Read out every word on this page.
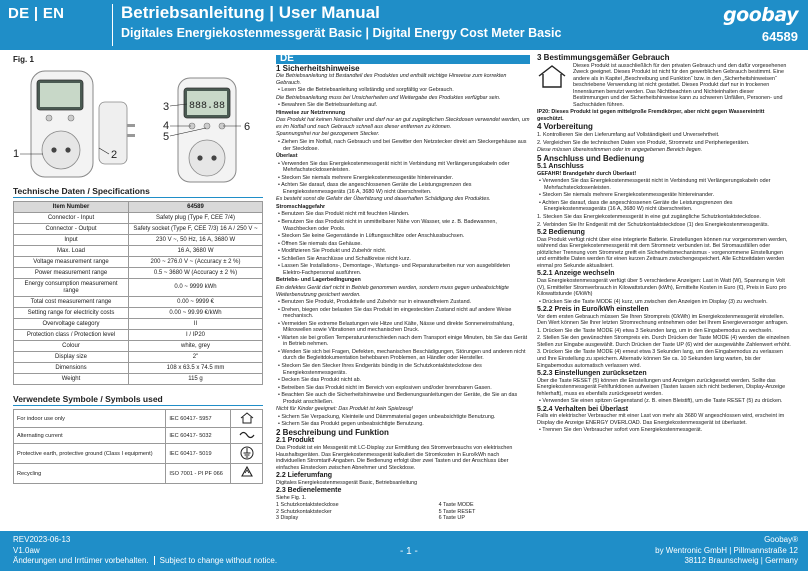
DE | EN	Betriebsanleitung | User Manual
Digitales Energiekostenmessgerät Basic | Digital Energy Cost Meter Basic
goobay
64589
Fig. 1
888.88
1	2
3
4
5
6
Technische Daten / Specifications
Item Number	64589
Connector - Input	Safety plug (Type F, CEE 7/4)
Connector - Output	Safety socket (Type F, CEE 7/3) 16 A / 250 V ~
Input	230 V ~, 50 Hz, 16 A, 3680 W
Max. Load	16 A, 3680 W
Voltage measurement range	200 ~ 276.0 V ~ (Accuracy ± 2 %)
Power measurement range	0.5 ~ 3680 W (Accuracy ± 2 %)
Energy consumption measurement range	0.0 ~ 9999 kWh
Total cost measurement range	0.00 ~ 9999 €
Setting range for electricity costs	0.00 ~ 99.99 €/kWh
Overvoltage category	II
Protection class / Protection level	I / IP20
Colour	white, grey
Display size	2"
Dimensions	108 x 63.5 x 74.5 mm
Weight	115 g
Verwendete Symbole / Symbols used
For indoor use only	IEC 60417- 5957	
Alternating current	IEC 60417- 5032	
Protective earth, protective ground (Class I equipment)	IEC 60417- 5019	
Recycling	ISO 7001 - PI PF 066	
DE
1 Sicherheitshinweise
Die Betriebsanleitung ist Bestandteil des Produktes und enthält wichtige Hinweise zum korrekten Gebrauch.
• Lesen Sie die Betriebsanleitung vollständig und sorgfältig vor Gebrauch.
Die Betriebsanleitung muss bei Unsicherheiten und Weitergabe des Produktes verfügbar sein.
• Bewahren Sie die Betriebsanleitung auf.
Hinweise zur Netztrennung
Das Produkt hat keinen Netzschalter und darf nur an gut zugänglichen Steckdosen verwendet werden, um es im Notfall und nach Gebrauch schnell aus dieser entfernen zu können.
Spannungsfrei nur bei gezogenem Stecker.
• Ziehen Sie im Notfall, nach Gebrauch und bei Gewitter den Netzstecker direkt am Steckergehäuse aus der Steckdose.
Überlast
• Verwenden Sie das Energiekostenmessgerät nicht in Verbindung mit Verlängerungskabeln oder Mehrfachsteckdosenleisten.
• Stecken Sie niemals mehrere Energiekostenmessgeräte hintereinander.
• Achten Sie darauf, dass die angeschlossenen Geräte die Leistungsgrenzen des Energiekostenmessgeräts (16 A, 3680 W) nicht überschreiten.
Es besteht sonst die Gefahr der Überhitzung und dauerhaften Schädigung des Produktes.
Stromschlaggefahr
• Benutzen Sie das Produkt nicht mit feuchten Händen.
• Benutzen Sie das Produkt nicht in unmittelbarer Nähe von Wasser, wie z. B. Badewannen, Waschbecken oder Pools.
• Stecken Sie keine Gegenstände in Lüftungsschlitze oder Anschlussbuchsen.
• Öffnen Sie niemals das Gehäuse.
• Modifizieren Sie Produkt und Zubehör nicht.
• Schließen Sie Anschlüsse und Schaltkreise nicht kurz.
• Lassen Sie Installations-, Demontage-, Wartungs- und Reparaturarbeiten nur von ausgebildeten Elektro-Fachpersonal ausführen.
Betriebs- und Lagerbedingungen
Ein defektes Gerät darf nicht in Betrieb genommen werden, sondern muss gegen unbeabsichtigte Weiterbenutzung gesichert werden.
• Benutzen Sie Produkt, Produktteile und Zubehör nur in einwandfreiem Zustand.
• Drehen, biegen oder belasten Sie das Produkt im eingesteckten Zustand nicht auf andere Weise mechanisch.
• Vermeiden Sie extreme Belastungen wie Hitze und Kälte, Nässe und direkte Sonneneinstrahlung, Mikrowellen sowie Vibrationen und mechanischen Druck.
• Warten sie bei großen Temperaturunterschieden nach dem Transport einige Minuten, bis Sie das Gerät in Betrieb nehmen.
• Wenden Sie sich bei Fragen, Defekten, mechanischen Beschädigungen, Störungen und anderen nicht durch die Begleitdokumentation behebbaren Problemen, an Händler oder Hersteller.
• Stecken Sie den Stecker Ihres Endgeräts bündig in die Schutzkontaktsteckdose des Energiekostenmessgeräts.
• Decken Sie das Produkt nicht ab.
• Betreiben Sie das Produkt nicht im Bereich von explosiven und/oder brennbaren Gasen.
• Beachten Sie auch die Sicherheitshinweise und Bedienungsanleitungen der Geräte, die Sie an das Produkt anschließen.
Nicht für Kinder geeignet: Das Produkt ist kein Spielzeug!
• Sichern Sie Verpackung, Kleinteile und Dämmmaterial gegen unbeabsichtigte Benutzung.
• Sichern Sie das Produkt gegen unbeabsichtigte Benutzung.
2 Beschreibung und Funktion
2.1 Produkt
Das Produkt ist ein Messgerät mit LC-Display zur Ermittlung des Stromverbrauchs von elektrischen Haushaltsgeräten. Das Energiekostenmessgerät kalkuliert die Stromkosten in Euro/kWh nach individuellen Stromtarif-Angaben. Die Bedienung erfolgt über zwei Tasten und der Anschluss über einfaches Einstecken zwischen Abnehmer und Steckdose.
2.2 Lieferumfang
Digitales Energiekostenmessgerät Basic, Betriebsanleitung
2.3 Bedienelemente
Siehe Fig. 1.
1 Schutzkontaktsteckdose
2 Schutzkontaktstecker
3 Display
4 Taste MODE
5 Taste RESET
6 Taste UP
3 Bestimmungsgemäßer Gebrauch
Dieses Produkt ist ausschließlich für den privaten Gebrauch und den dafür vorgesehenen Zweck geeignet. Dieses Produkt ist nicht für den gewerblichen Gebrauch bestimmt. Eine andere als in Kapitel „Beschreibung und Funktion“ bzw. in den „Sicherheitshinweisen“ beschriebene Verwendung ist nicht gestattet. Dieses Produkt darf nur in trockenen Innenräumen benutzt werden. Das Nichtbeachten und Nichteinhalten dieser Bestimmungen und der Sicherheitshinweise kann zu schweren Unfällen, Personen- und Sachschäden führen.
IP20: Dieses Produkt ist gegen mittelgroße Fremdkörper, aber nicht gegen Wassereintritt geschützt.
4 Vorbereitung
1. Kontrollieren Sie den Lieferumfang auf Vollständigkeit und Unversehrtheit.
2. Vergleichen Sie die technischen Daten von Produkt, Stromnetz und Peripheriegeräten.
Diese müssen übereinstimmen oder im angegebenen Bereich liegen.
5 Anschluss und Bedienung
5.1 Anschluss
GEFAHR! Brandgefahr durch Überlast!
• Verwenden Sie das Energiekostenmessgerät nicht in Verbindung mit Verlängerungskabeln oder Mehrfachsteckdosenleisten.
• Stecken Sie niemals mehrere Energiekostenmessgeräte hintereinander.
• Achten Sie darauf, dass die angeschlossenen Geräte die Leistungsgrenzen des Energiekostenmessgeräts (16 A, 3680 W) nicht überschreiten.
1. Stecken Sie das Energiekostenmessgerät in eine gut zugängliche Schutzkontaktsteckdose.
2. Verbinden Sie Ihr Endgerät mit der Schutzkontaktsteckdose (1) des Energiekostenmessgeräts.
5.2 Bedienung
Das Produkt verfügt nicht über eine integrierte Batterie. Einstellungen können nur vorgenommen werden, während das Energiekostenmessgerät mit dem Stromnetz verbunden ist. Bei Stromausfällen oder plötzlicher Trennung vom Stromnetz greift ein Sicherheitsmechanismus - vorgenommene Einstellungen und ermittelte Daten werden für einen kurzen Zeitraum zwischengespeichert. Alle Echtzeitdaten werden einmal pro Sekunde aktualisiert.
5.2.1 Anzeige wechseln
Das Energiekostenmessgerät verfügt über 5 verschiedene Anzeigen: Last in Watt (W), Spannung in Volt (V), Ermittelter Stromverbrauch in Kilowattstunden (kWh), Ermittelte Kosten in Euro (€), Preis in Euro pro Kilowattstunde (€/kWh)
• Drücken Sie die Taste MODE (4) kurz, um zwischen den Anzeigen im Display (3) zu wechseln.
5.2.2 Preis in Euro/kWh einstellen
Vor dem ersten Gebrauch müssen Sie Ihren Strompreis (€/kWh) im Energiekostenmessgerät einstellen. Den Wert können Sie Ihrer letzten Stromrechnung entnehmen oder bei Ihrem Energieversorger anfragen.
1. Drücken Sie die Taste MODE (4) etwa 3 Sekunden lang, um in den Eingabemodus zu wechseln.
2. Stellen Sie den gewünschten Strompreis ein. Durch Drücken der Taste MODE (4) werden die einzelnen Stellen zur Eingabe ausgewählt. Durch Drücken der Taste UP (6) wird der ausgewählte Zahlenwert erhöht.
3. Drücken Sie die Taste MODE (4) erneut etwa 3 Sekunden lang, um den Eingabemodus zu verlassen und Ihre Einstellung zu speichern. Alternativ können Sie ca. 10 Sekunden lang warten, bis der Eingabemodus automatisch verlassen wird.
5.2.3 Einstellungen zurücksetzen
Über die Taste RESET (5) können die Einstellungen und Anzeigen zurückgesetzt werden. Sollte das Energiekostenmessgerät Fehlfunktionen aufweisen (Tasten lassen sich nicht bedienen, Display-Anzeige fehlerhaft), muss es ebenfalls zurückgesetzt werden.
• Verwenden Sie einen spitzen Gegenstand (z. B. einen Bleistift), um die Taste RESET (5) zu drücken.
5.2.4 Verhalten bei Überlast
Falls ein elektrischer Verbraucher mit einer Last von mehr als 3680 W angeschlossen wird, erscheint im Display die Anzeige ENERGY OVERLOAD. Das Energiekostenmessgerät ist überlastet.
• Trennen Sie den Verbraucher sofort vom Energiekostenmessgerät.
REV2023-06-13
V1.0aw
Änderungen und Irrtümer vorbehalten. Subject to change without notice.
- 1 -
Goobay®
by Wentronic GmbH | Pillmannstraße 12
38112 Braunschweig | Germany
